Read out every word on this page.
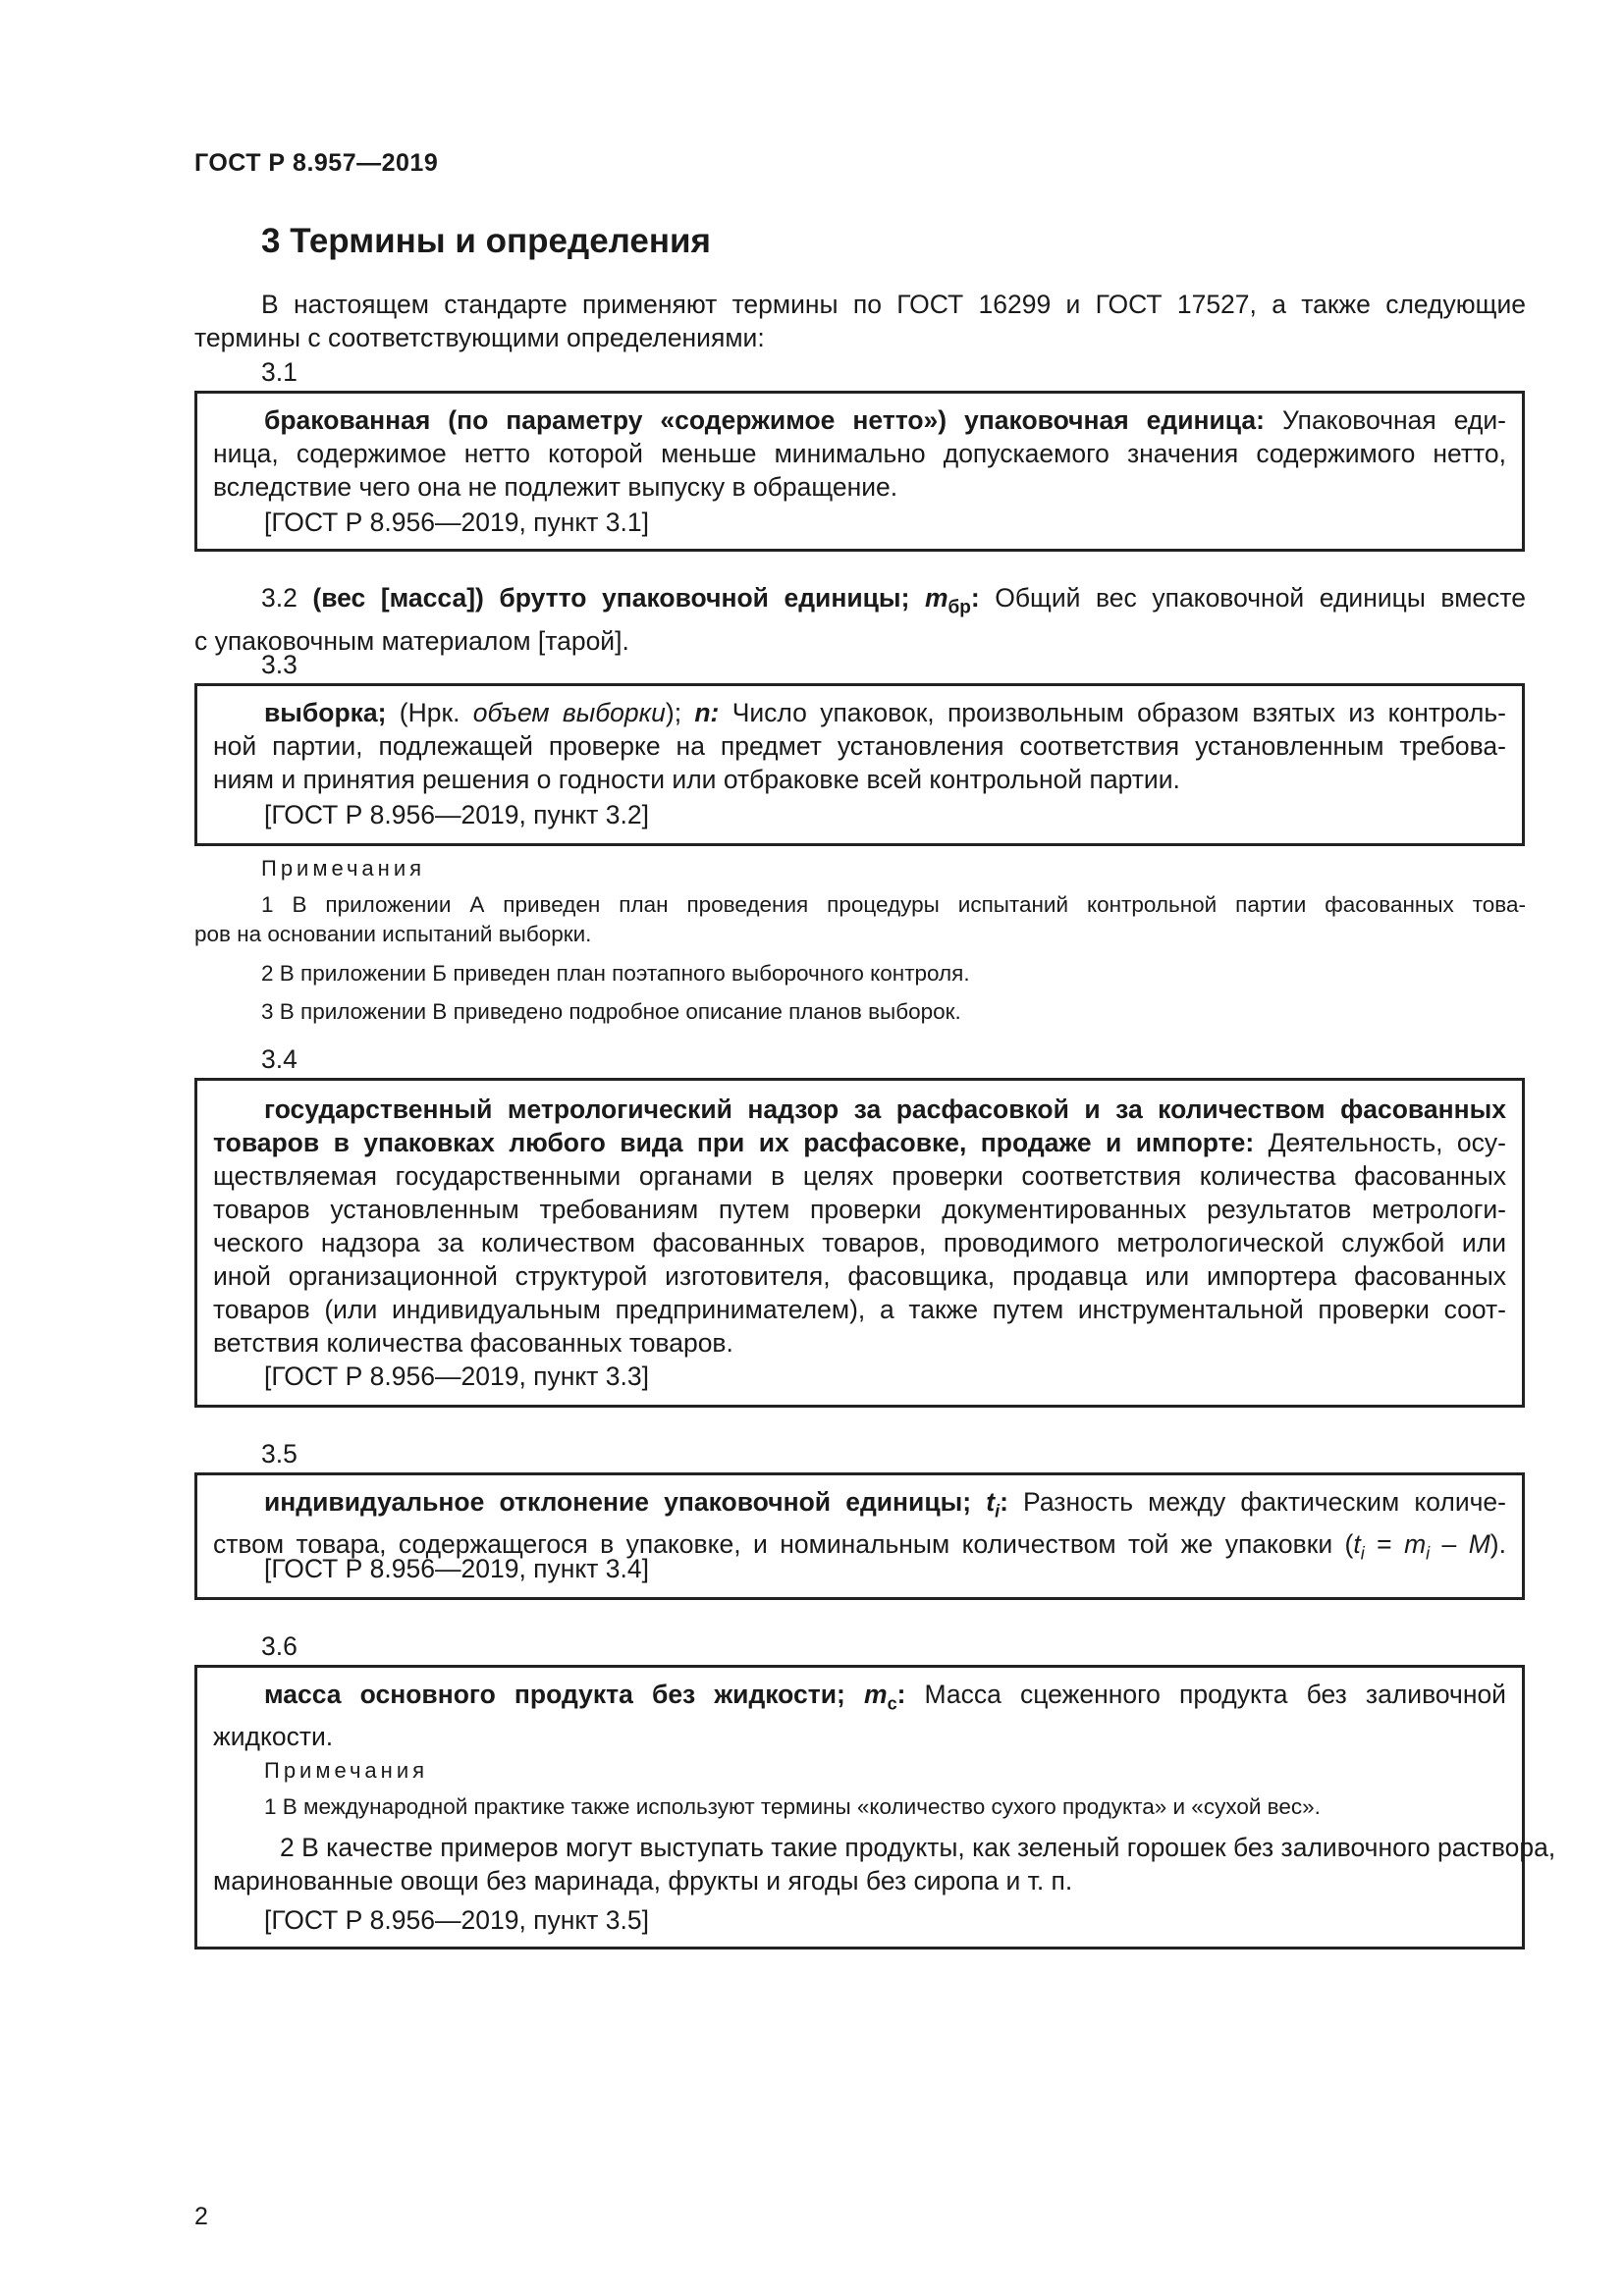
ГОСТ Р 8.957—2019
3 Термины и определения
В настоящем стандарте применяют термины по ГОСТ 16299 и ГОСТ 17527, а также следующие
термины с соответствующими определениями:
3.1
бракованная (по параметру «содержимое нетто») упаковочная единица: Упаковочная еди-
ница, содержимое нетто которой меньше минимально допускаемого значения содержимого нетто,
вследствие чего она не подлежит выпуску в обращение.
[ГОСТ Р 8.956—2019, пункт 3.1]
3.2 (вес [масса]) брутто упаковочной единицы; $m_{бр}$: Общий вес упаковочной единицы вместе
с упаковочным материалом [тарой].
3.3
выборка; (Нрк. объем выборки); n: Число упаковок, произвольным образом взятых из контроль-
ной партии, подлежащей проверке на предмет установления соответствия установленным требова-
ниям и принятия решения о годности или отбраковке всей контрольной партии.
[ГОСТ Р 8.956—2019, пункт 3.2]
Примечания
1 В приложении А приведен план проведения процедуры испытаний контрольной партии фасованных това-
ров на основании испытаний выборки.
2 В приложении Б приведен план поэтапного выборочного контроля.
3 В приложении В приведено подробное описание планов выборок.
3.4
государственный метрологический надзор за расфасовкой и за количеством фасованных
товаров в упаковках любого вида при их расфасовке, продаже и импорте: Деятельность, осу-
ществляемая государственными органами в целях проверки соответствия количества фасованных
товаров установленным требованиям путем проверки документированных результатов метрологи-
ческого надзора за количеством фасованных товаров, проводимого метрологической службой или
иной организационной структурой изготовителя, фасовщика, продавца или импортера фасованных
товаров (или индивидуальным предпринимателем), а также путем инструментальной проверки соот-
ветствия количества фасованных товаров.
[ГОСТ Р 8.956—2019, пункт 3.3]
3.5
индивидуальное отклонение упаковочной единицы; $t_i$: Разность между фактическим количе-
ством товара, содержащегося в упаковке, и номинальным количеством той же упаковки $(t_i = m_i - M)$.
[ГОСТ Р 8.956—2019, пункт 3.4]
3.6
масса основного продукта без жидкости; $m_c$: Масса сцеженного продукта без заливочной
жидкости.
Примечания
1 В международной практике также используют термины «количество сухого продукта» и «сухой вес».
2 В качестве примеров могут выступать такие продукты, как зеленый горошек без заливочного раствора,
маринованные овощи без маринада, фрукты и ягоды без сиропа и т. п.
[ГОСТ Р 8.956—2019, пункт 3.5]
2
